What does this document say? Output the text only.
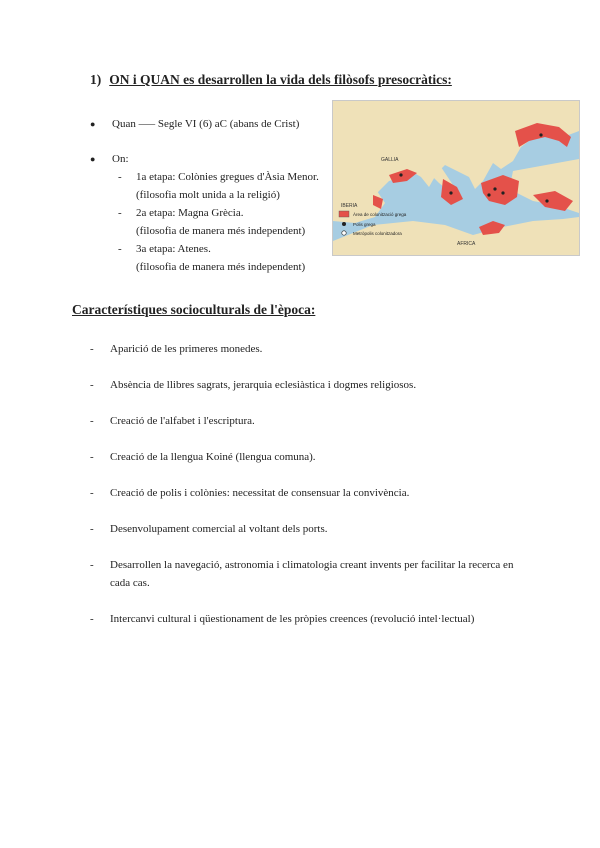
1) ON i QUAN es desarrollen la vida dels filòsofs presocràtics:
● Quan ––– Segle VI (6) aC (abans de Crist)
● On:
- 1a etapa: Colònies gregues d'Àsia Menor.
(filosofia molt unida a la religió)
- 2a etapa: Magna Grècia.
(filosofia de manera més independent)
- 3a etapa: Atenes.
(filosofia de manera més independent)
GALLIA
IBERIA
AFRICA
Àrea de colonització grega
Polis grega
Metròpolis colonitzadora
Característiques socioculturals de l'època:
- Aparició de les primeres monedes.
- Absència de llibres sagrats, jerarquia eclesiàstica i dogmes religiosos.
- Creació de l'alfabet i l'escriptura.
- Creació de la llengua Koiné (llengua comuna).
- Creació de polis i colònies: necessitat de consensuar la convivència.
- Desenvolupament comercial al voltant dels ports.
- Desarrollen la navegació, astronomia i climatologia creant invents per facilitar la recerca en cada cas.
- Intercanvi cultural i qüestionament de les pròpies creences (revolució intel·lectual)
